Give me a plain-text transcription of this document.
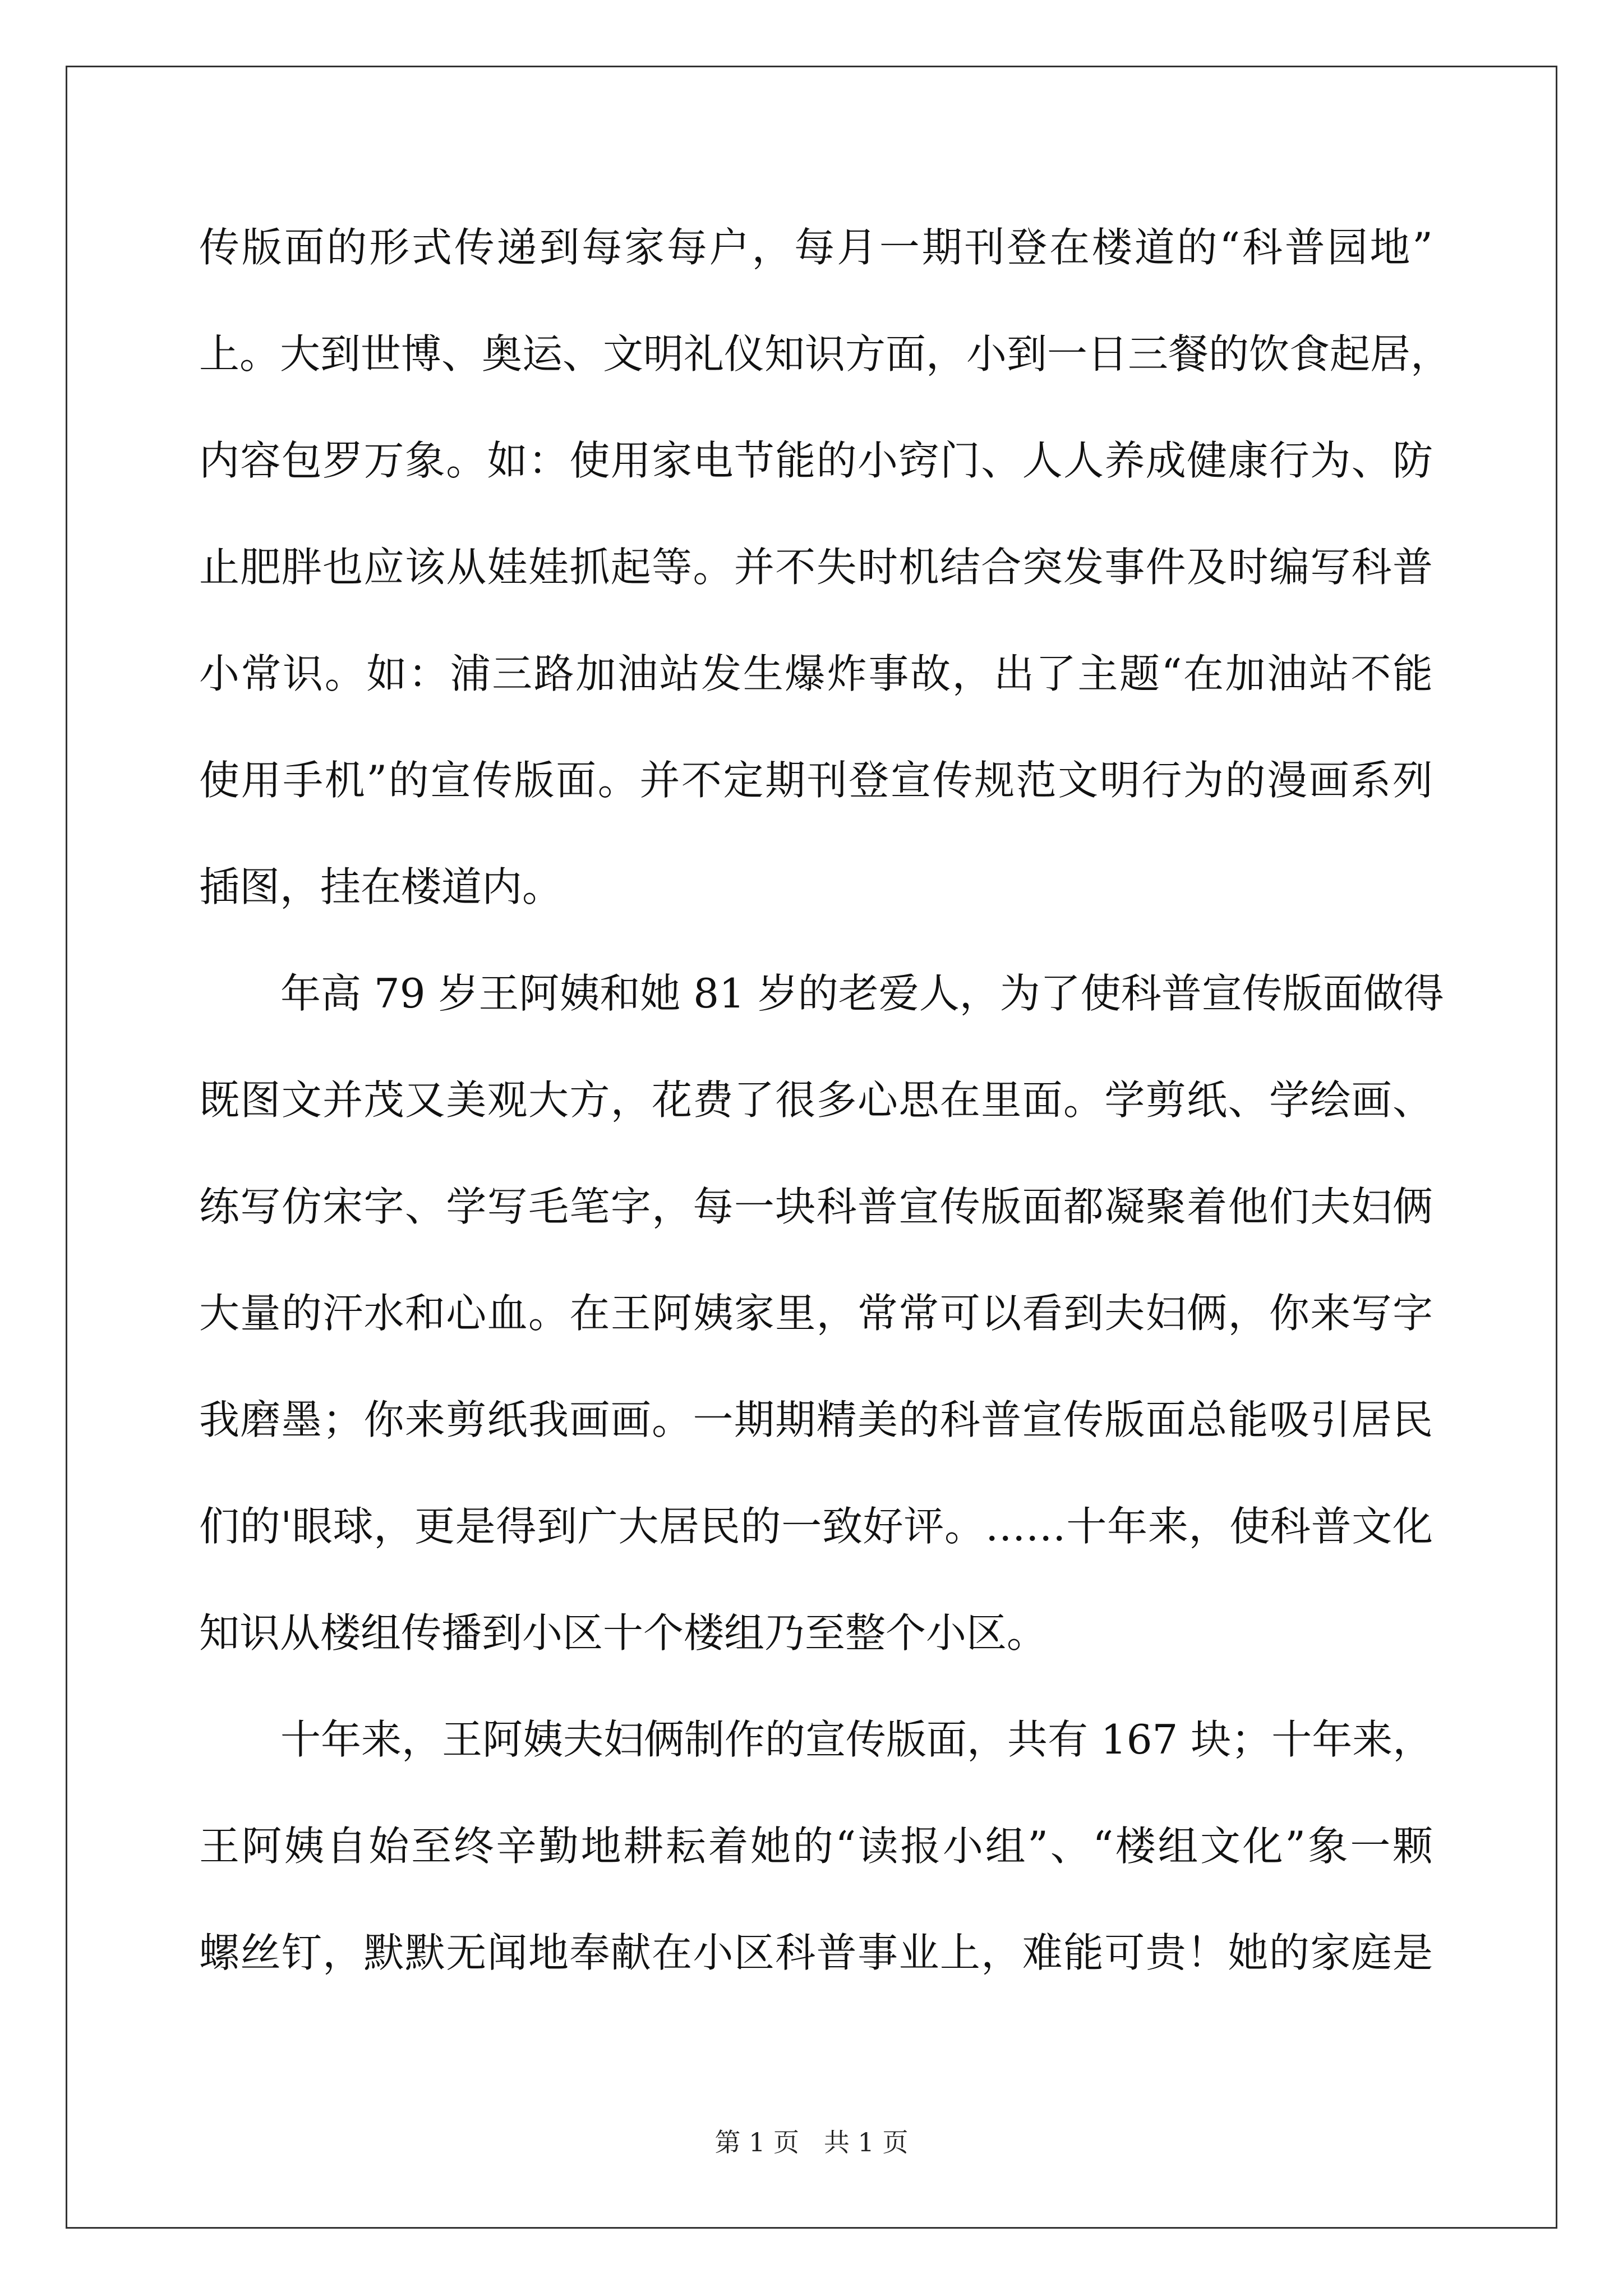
传版面的形式传递到每家每户，每月一期刊登在楼道的“科普园地”
上。大到世博、奥运、文明礼仪知识方面，小到一日三餐的饮食起居，
内容包罗万象。如：使用家电节能的小窍门、人人养成健康行为、防
止肥胖也应该从娃娃抓起等。并不失时机结合突发事件及时编写科普
小常识。如：浦三路加油站发生爆炸事故，出了主题“在加油站不能
使用手机”的宣传版面。并不定期刊登宣传规范文明行为的漫画系列
插图，挂在楼道内。
年高 79 岁王阿姨和她 81 岁的老爱人，为了使科普宣传版面做得
既图文并茂又美观大方，花费了很多心思在里面。学剪纸、学绘画、
练写仿宋字、学写毛笔字，每一块科普宣传版面都凝聚着他们夫妇俩
大量的汗水和心血。在王阿姨家里，常常可以看到夫妇俩，你来写字
我磨墨；你来剪纸我画画。一期期精美的科普宣传版面总能吸引居民
们的'眼球，更是得到广大居民的一致好评。……十年来，使科普文化
知识从楼组传播到小区十个楼组乃至整个小区。
十年来，王阿姨夫妇俩制作的宣传版面，共有 167 块；十年来，
王阿姨自始至终辛勤地耕耘着她的“读报小组”、“楼组文化”象一颗
螺丝钉，默默无闻地奉献在小区科普事业上，难能可贵！她的家庭是
第 1 页 共 1 页
